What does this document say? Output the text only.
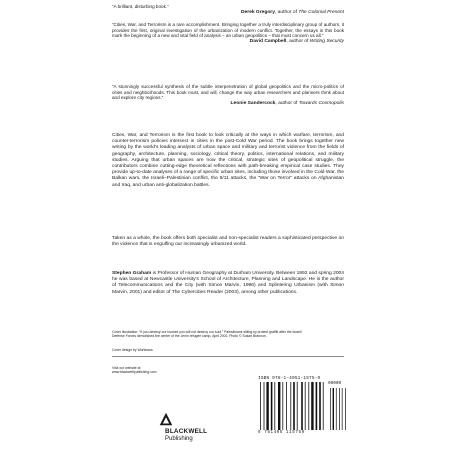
“A brilliant, disturbing book.”

Derek Gregory, author of The Colonial Present

“Cities, War, and Terrorism is a rare accomplishment. Bringing together a truly interdisciplinary group of authors, it provides the first, original investigation of the urbanization of modern conflict. Together, the essays in this book mark the beginning of a new and vital field of analysis – an urban geopolitics – that must concern us all.”

David Campbell, author of Writing Security

“A stunningly successful synthesis of the subtle interpenetration of global geopolitics and the micro-politics of cities and neighborhoods. This book must, and will, change the way urban researchers and planners think about and explore city regions.”

Leonie Sandercock, author of Towards Cosmopolis

Cities, War, and Terrorism is the first book to look critically at the ways in which warfare, terrorism, and counter-terrorism policies intersect in cities in the post-Cold War period. The book brings together new writing by the world's leading analysts of urban space and military and terrorist violence from the fields of geography, architecture, planning, sociology, critical theory, politics, international relations, and military studies. Arguing that urban spaces are now the critical, strategic sites of geopolitical struggle, the contributors combine cutting-edge theoretical reflections with path-breaking empirical case studies. They provide up-to-date analyses of a range of specific urban sites, including those involved in the Cold War, the Balkan wars, the Israeli–Palestinian conflict, the 9/11 attacks, the “War on Terror” attacks on Afghanistan and Iraq, and urban anti-globalization battles.

Taken as a whole, the book offers both specialist and non-specialist readers a sophisticated perspective on the violence that is engulfing our increasingly urbanized world.

Stephen Graham is Professor of Human Geography at Durham University. Between 1992 and spring 2004 he was based at Newcastle University's School of Architecture, Planning and Landscape. He is the author of Telecommunications and the City (with Simon Marvin, 1996) and Splintering Urbanism (with Simon Marvin, 2001) and editor of The Cybercities Reader (2003), among other publications.

Cover illustration: “If you destroy our houses you will not destroy our soul.” Palestinians sitting by protest graffiti after the Israeli Defense Forces demolished the center of the Jenin refugee camp, April 2002. Photo © Susan Brannon.

Cover design by Workhaus

Visit our website at

www.blackwellpublishing.com

BLACKWELL
Publishing
ISBN 978-1-4051-1575-9
90000
9 781405 115759
